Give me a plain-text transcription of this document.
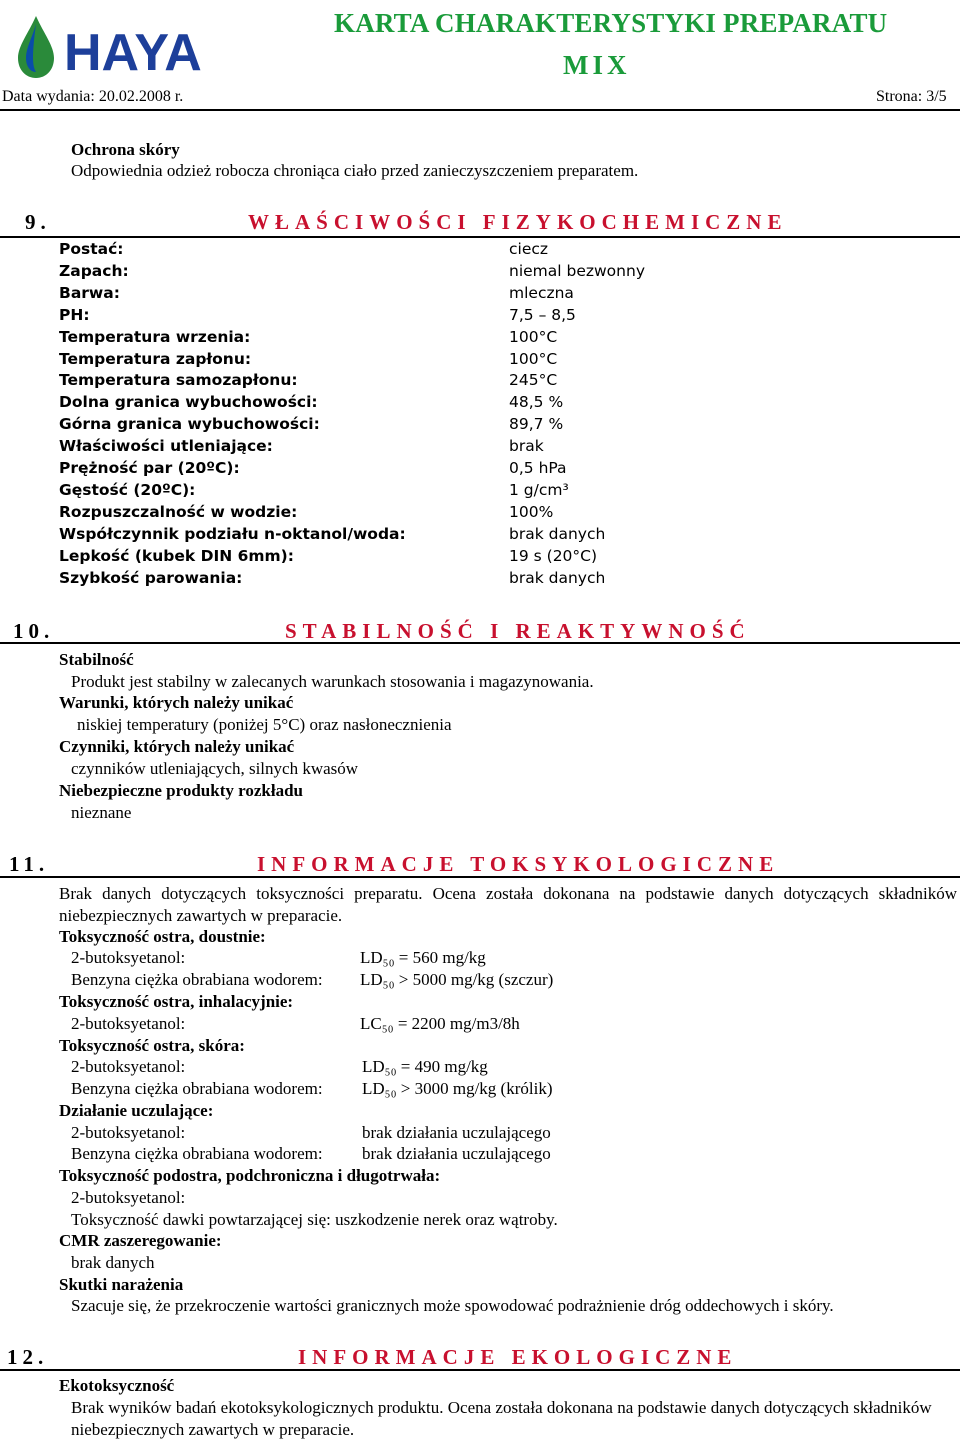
HAYA
KARTA CHARAKTERYSTYKI PREPARATU
MIX
Data wydania: 20.02.2008 r.	Strona: 3/5
Ochrona skóry
Odpowiednia odzież robocza chroniąca ciało przed zanieczyszczeniem preparatem.
9.	WŁAŚCIWOŚCI FIZYKOCHEMICZNE
Postać:	ciecz
Zapach:	niemal bezwonny
Barwa:	mleczna
PH:	7,5 – 8,5
Temperatura wrzenia:	100°C
Temperatura zapłonu:	100°C
Temperatura samozapłonu:	245°C
Dolna granica wybuchowości:	48,5 %
Górna granica wybuchowości:	89,7 %
Właściwości utleniające:	brak
Prężność par (20ºC):	0,5 hPa
Gęstość (20ºC):	1 g/cm³
Rozpuszczalność w wodzie:	100%
Współczynnik podziału n-oktanol/woda:	brak danych
Lepkość (kubek DIN 6mm):	19 s (20°C)
Szybkość parowania:	brak danych
10.	STABILNOŚĆ I REAKTYWNOŚĆ
Stabilność
Produkt jest stabilny w zalecanych warunkach stosowania i magazynowania.
Warunki, których należy unikać
niskiej temperatury (poniżej 5°C) oraz nasłonecznienia
Czynniki, których należy unikać
czynników utleniających, silnych kwasów
Niebezpieczne produkty rozkładu
nieznane
11.	INFORMACJE TOKSYKOLOGICZNE
Brak danych dotyczących toksyczności preparatu. Ocena została dokonana na podstawie danych dotyczących składników niebezpiecznych zawartych w preparacie.
Toksyczność ostra, doustnie:
2-butoksyetanol:	LD₅₀ = 560 mg/kg
Benzyna ciężka obrabiana wodorem: LD₅₀ > 5000 mg/kg (szczur)
Toksyczność ostra, inhalacyjnie:
2-butoksyetanol:	LC₅₀ = 2200 mg/m3/8h
Toksyczność ostra, skóra:
2-butoksyetanol:	LD₅₀ = 490 mg/kg
Benzyna ciężka obrabiana wodorem: LD₅₀ > 3000 mg/kg (królik)
Działanie uczulające:
2-butoksyetanol:	brak działania uczulającego
Benzyna ciężka obrabiana wodorem: brak działania uczulającego
Toksyczność podostra, podchroniczna i długotrwała:
2-butoksyetanol:
Toksyczność dawki powtarzającej się: uszkodzenie nerek oraz wątroby.
CMR zaszeregowanie:
brak danych
Skutki narażenia
Szacuje się, że przekroczenie wartości granicznych może spowodować podrażnienie dróg oddechowych i skóry.
12.	INFORMACJE EKOLOGICZNE
Ekotoksyczność
Brak wyników badań ekotoksykologicznych produktu. Ocena została dokonana na podstawie danych dotyczących składników niebezpiecznych zawartych w preparacie.
